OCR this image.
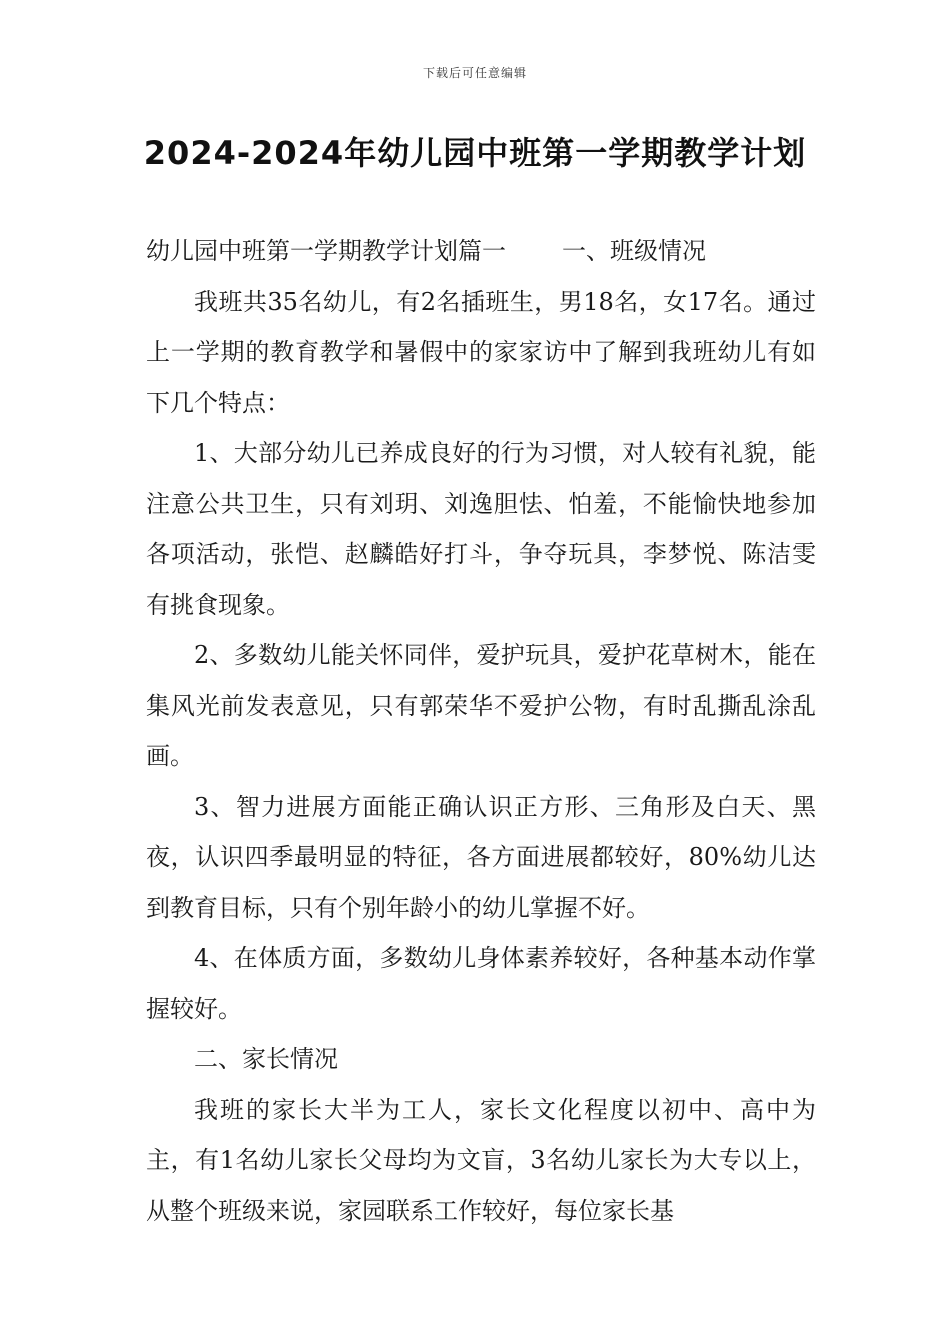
下载后可任意编辑
2024-2024年幼儿园中班第一学期教学计划

幼儿园中班第一学期教学计划篇一 一、班级情况

我班共35名幼儿，有2名插班生，男18名，女17名。通过上一学期的教育教学和暑假中的家家访中了解到我班幼儿有如下几个特点：

1、大部分幼儿已养成良好的行为习惯，对人较有礼貌，能注意公共卫生，只有刘玥、刘逸胆怯、怕羞，不能愉快地参加各项活动，张恺、赵麟皓好打斗，争夺玩具，李梦悦、陈洁雯有挑食现象。

2、多数幼儿能关怀同伴，爱护玩具，爱护花草树木，能在集风光前发表意见，只有郭荣华不爱护公物，有时乱撕乱涂乱画。

3、智力进展方面能正确认识正方形、三角形及白天、黑夜，认识四季最明显的特征，各方面进展都较好，80%幼儿达到教育目标，只有个别年龄小的幼儿掌握不好。

4、在体质方面，多数幼儿身体素养较好，各种基本动作掌握较好。

二、家长情况

我班的家长大半为工人，家长文化程度以初中、高中为主，有1名幼儿家长父母均为文盲，3名幼儿家长为大专以上，从整个班级来说，家园联系工作较好，每位家长基
